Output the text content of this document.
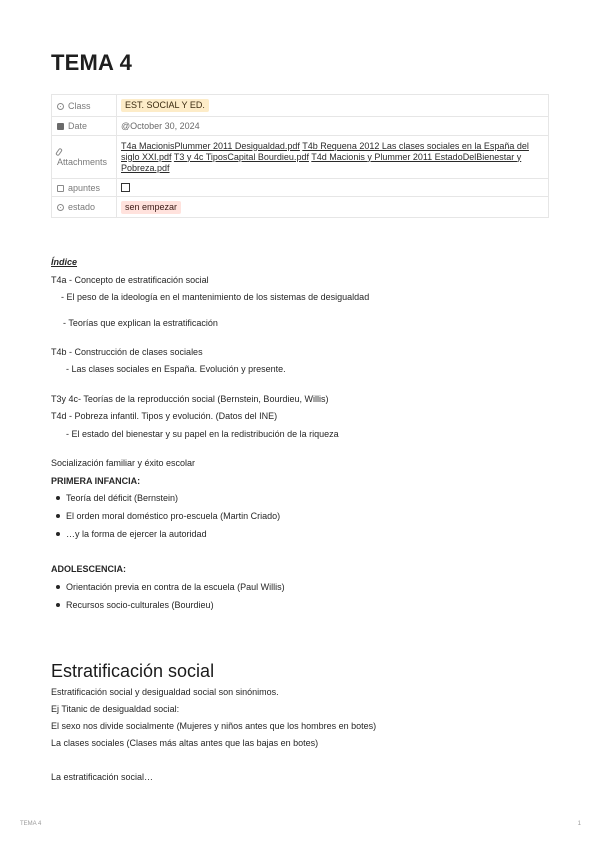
TEMA 4
Class	EST. SOCIAL Y ED.
Date	@October 30, 2024

Attachments	T4a MacionisPlummer 2011 Desigualdad.pdf T4b Requena 2012 Las clases sociales en la España del siglo XXI.pdf T3 y 4c TiposCapital Bourdieu.pdf T4d Macionis y Plummer 2011 EstadoDelBienestar y Pobreza.pdf
apuntes	
estado	sen empezar
Índice
T4a - Concepto de estratificación social
- El peso de la ideología en el mantenimiento de los sistemas de desigualdad
- Teorías que explican la estratificación
T4b - Construcción de clases sociales
- Las clases sociales en España. Evolución y presente.
T3y 4c- Teorías de la reproducción social (Bernstein, Bourdieu, Willis)
T4d - Pobreza infantil. Tipos y evolución. (Datos del INE)
- El estado del bienestar y su papel en la redistribución de la riqueza
Socialización familiar y éxito escolar
PRIMERA INFANCIA:
Teoría del déficit (Bernstein)
El orden moral doméstico pro-escuela (Martin Criado)
…y la forma de ejercer la autoridad
ADOLESCENCIA:
Orientación previa en contra de la escuela (Paul Willis)
Recursos socio-culturales (Bourdieu)
Estratificación social
Estratificación social y desigualdad social son sinónimos.
Ej Titanic de desigualdad social:
El sexo nos divide socialmente (Mujeres y niños antes que los hombres en botes)
La clases sociales (Clases más altas antes que las bajas en botes)
La estratificación social…
TEMA 4	1
